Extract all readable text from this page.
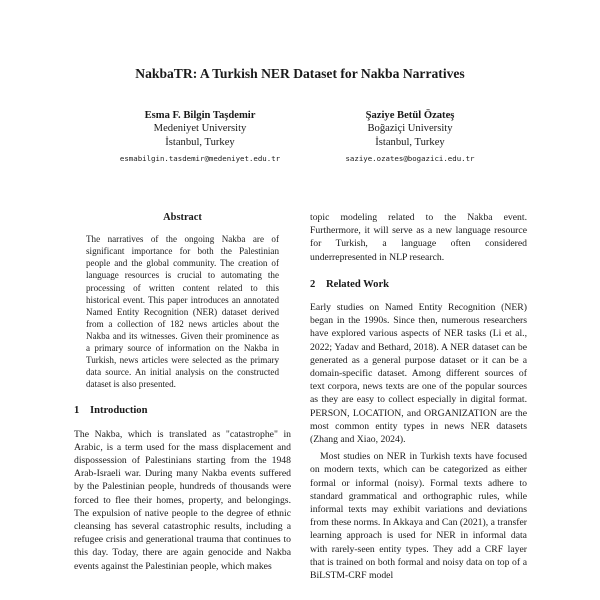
NakbaTR: A Turkish NER Dataset for Nakba Narratives
Esma F. Bilgin Taşdemir
Medeniyet University
İstanbul, Turkey
esmabilgin.tasdemir@medeniyet.edu.tr
Şaziye Betül Özateş
Boğaziçi University
İstanbul, Turkey
saziye.ozates@bogazici.edu.tr
Abstract

The narratives of the ongoing Nakba are of significant importance for both the Palestinian people and the global community. The creation of language resources is crucial to automating the processing of written content related to this historical event. This paper introduces an annotated Named Entity Recognition (NER) dataset derived from a collection of 182 news articles about the Nakba and its witnesses. Given their prominence as a primary source of information on the Nakba in Turkish, news articles were selected as the primary data source. An initial analysis on the constructed dataset is also presented.

1 Introduction

The Nakba, which is translated as "catastrophe" in Arabic, is a term used for the mass displacement and dispossession of Palestinians starting from the 1948 Arab-Israeli war. During many Nakba events suffered by the Palestinian people, hundreds of thousands were forced to flee their homes, property, and belongings. The expulsion of native people to the degree of ethnic cleansing has several catastrophic results, including a refugee crisis and generational trauma that continues to this day. Today, there are again genocide and Nakba events against the Palestinian people, which makes

topic modeling related to the Nakba event. Furthermore, it will serve as a new language resource for Turkish, a language often considered underrepresented in NLP research.

2 Related Work

Early studies on Named Entity Recognition (NER) began in the 1990s. Since then, numerous researchers have explored various aspects of NER tasks (Li et al., 2022; Yadav and Bethard, 2018). A NER dataset can be generated as a general purpose dataset or it can be a domain-specific dataset. Among different sources of text corpora, news texts are one of the popular sources as they are easy to collect especially in digital format. PERSON, LOCATION, and ORGANIZATION are the most common entity types in news NER datasets (Zhang and Xiao, 2024).

Most studies on NER in Turkish texts have focused on modern texts, which can be categorized as either formal or informal (noisy). Formal texts adhere to standard grammatical and orthographic rules, while informal texts may exhibit variations and deviations from these norms. In Akkaya and Can (2021), a transfer learning approach is used for NER in informal data with rarely-seen entity types. They add a CRF layer that is trained on both formal and noisy data on top of a BiLSTM-CRF model
